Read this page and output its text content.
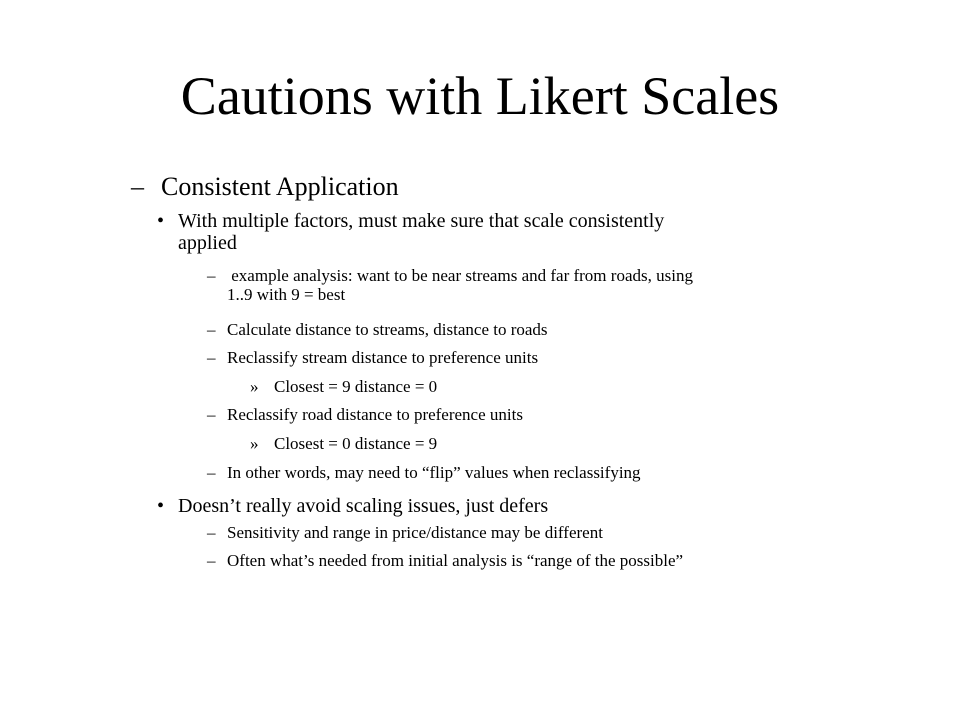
Cautions with Likert Scales
– Consistent Application
• With multiple factors, must make sure that scale consistently
applied
– example analysis: want to be near streams and far from roads, using
1..9 with 9 = best
– Calculate distance to streams, distance to roads
– Reclassify stream distance to preference units
» Closest = 9 distance = 0
– Reclassify road distance to preference units
» Closest = 0 distance = 9
– In other words, may need to “flip” values when reclassifying
• Doesn’t really avoid scaling issues, just defers
– Sensitivity and range in price/distance may be different
– Often what’s needed from initial analysis is “range of the possible”
